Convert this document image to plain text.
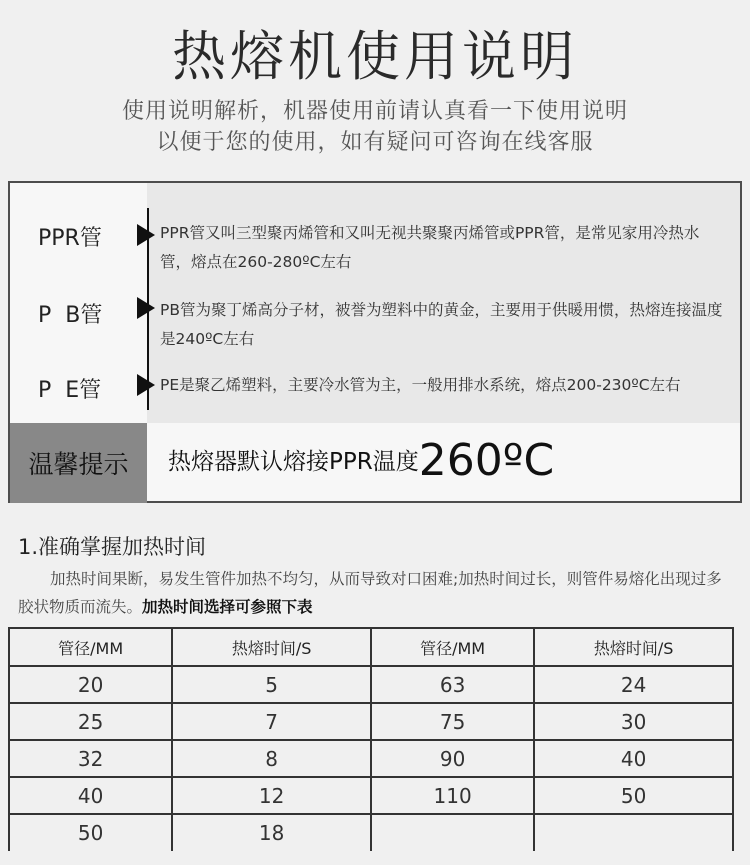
热熔机使用说明
使用说明解析，机器使用前请认真看一下使用说明
以便于您的使用，如有疑问可咨询在线客服
PPR管	PPR管又叫三型聚丙烯管和又叫无视共聚聚丙烯管或PPR管，是常见家用冷热水管，熔点在260-280ºC左右
P  B管	PB管为聚丁烯高分子材，被誉为塑料中的黄金，主要用于供暖用惯，热熔连接温度是240ºC左右
P  E管	PE是聚乙烯塑料，主要冷水管为主，一般用排水系统，熔点200-230ºC左右
温馨提示	热熔器默认熔接PPR温度260ºC
1.准确掌握加热时间
加热时间果断，易发生管件加热不均匀，从而导致对口困难;加热时间过长，则管件易熔化出现过多胶状物质而流失。加热时间选择可参照下表
管径/MM	热熔时间/S	管径/MM	热熔时间/S
20	5	63	24
25	7	75	30
32	8	90	40
40	12	110	50
50	18		
